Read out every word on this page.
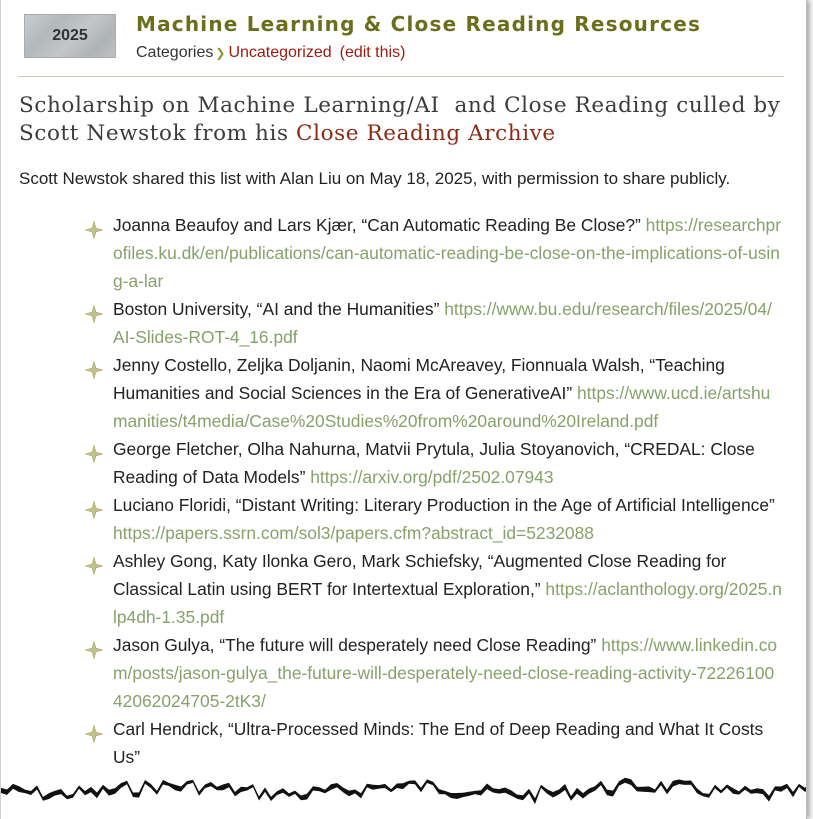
2025	Machine Learning & Close Reading Resources
Categories ❯ Uncategorized (edit this)
Scholarship on Machine Learning/AI  and Close Reading culled by Scott Newstok from his Close Reading Archive
Scott Newstok shared this list with Alan Liu on May 18, 2025, with permission to share publicly.
Joanna Beaufoy and Lars Kjær, “Can Automatic Reading Be Close?” https://researchprofiles.ku.dk/en/publications/can-automatic-reading-be-close-on-the-implications-of-using-a-lar
Boston University, “AI and the Humanities” https://www.bu.edu/research/files/2025/04/AI-Slides-ROT-4_16.pdf
Jenny Costello, Zeljka Doljanin, Naomi McAreavey, Fionnuala Walsh, “Teaching Humanities and Social Sciences in the Era of GenerativeAI” https://www.ucd.ie/artshumanities/t4media/Case%20Studies%20from%20around%20Ireland.pdf
George Fletcher, Olha Nahurna, Matvii Prytula, Julia Stoyanovich, “CREDAL: Close Reading of Data Models” https://arxiv.org/pdf/2502.07943
Luciano Floridi, “Distant Writing: Literary Production in the Age of Artificial Intelligence” https://papers.ssrn.com/sol3/papers.cfm?abstract_id=5232088
Ashley Gong, Katy Ilonka Gero, Mark Schiefsky, “Augmented Close Reading for Classical Latin using BERT for Intertextual Exploration,” https://aclanthology.org/2025.nlp4dh-1.35.pdf
Jason Gulya, “The future will desperately need Close Reading” https://www.linkedin.com/posts/jason-gulya_the-future-will-desperately-need-close-reading-activity-7222610042062024705-2tK3/
Carl Hendrick, “Ultra-Processed Minds: The End of Deep Reading and What It Costs Us”
